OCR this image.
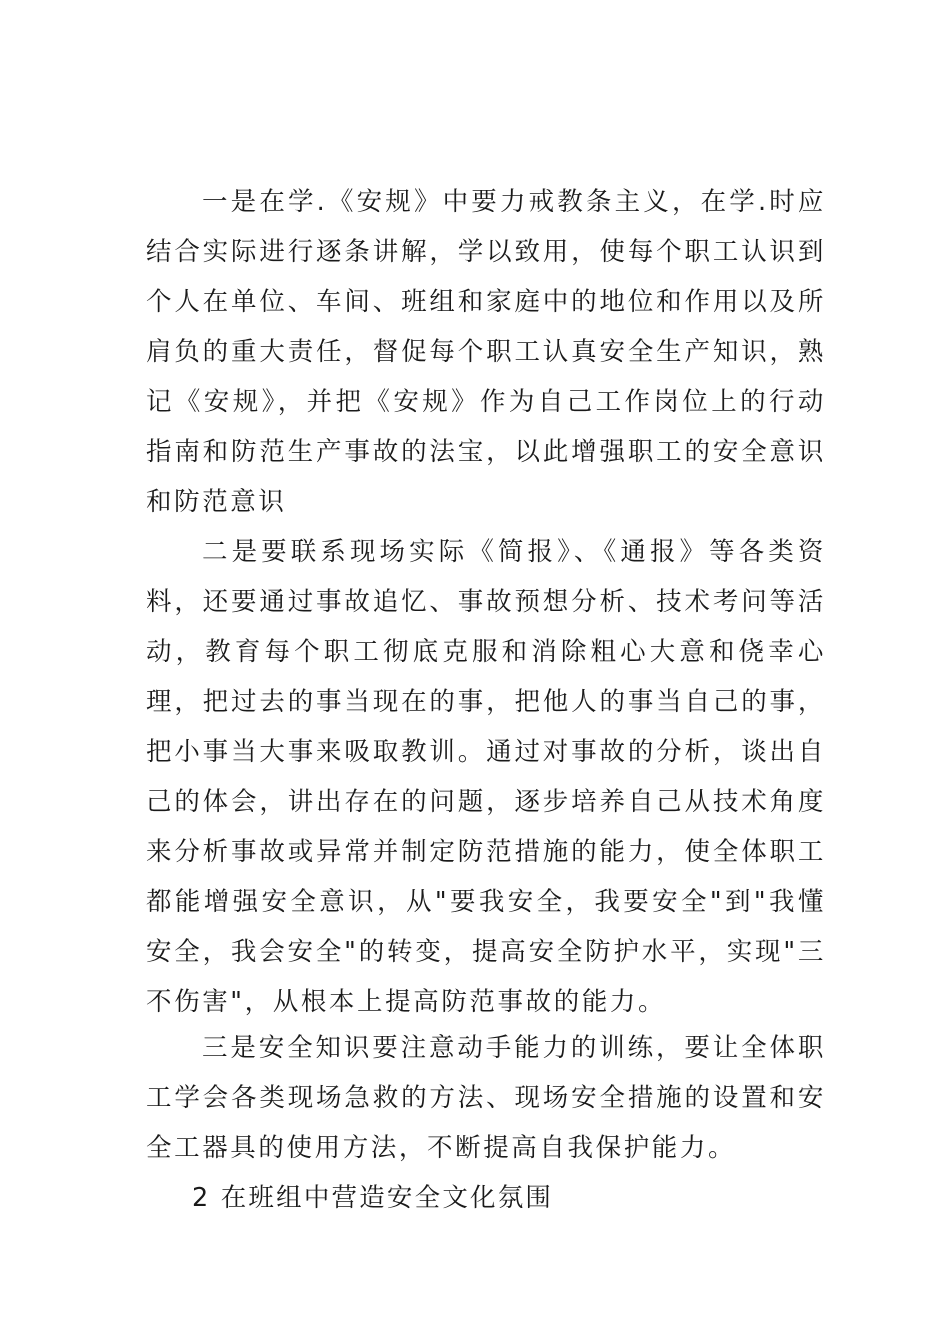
一是在学.《安规》中要力戒教条主义，在学.时应结合实际进行逐条讲解，学以致用，使每个职工认识到个人在单位、车间、班组和家庭中的地位和作用以及所肩负的重大责任，督促每个职工认真安全生产知识，熟记《安规》，并把《安规》作为自己工作岗位上的行动指南和防范生产事故的法宝，以此增强职工的安全意识和防范意识

二是要联系现场实际《简报》、《通报》等各类资料，还要通过事故追忆、事故预想分析、技术考问等活动，教育每个职工彻底克服和消除粗心大意和侥幸心理，把过去的事当现在的事，把他人的事当自己的事，把小事当大事来吸取教训。通过对事故的分析，谈出自己的体会，讲出存在的问题，逐步培养自己从技术角度来分析事故或异常并制定防范措施的能力，使全体职工都能增强安全意识，从"要我安全，我要安全"到"我懂安全，我会安全"的转变，提高安全防护水平，实现"三不伤害"，从根本上提高防范事故的能力。

三是安全知识要注意动手能力的训练，要让全体职工学会各类现场急救的方法、现场安全措施的设置和安全工器具的使用方法，不断提高自我保护能力。

2 在班组中营造安全文化氛围
